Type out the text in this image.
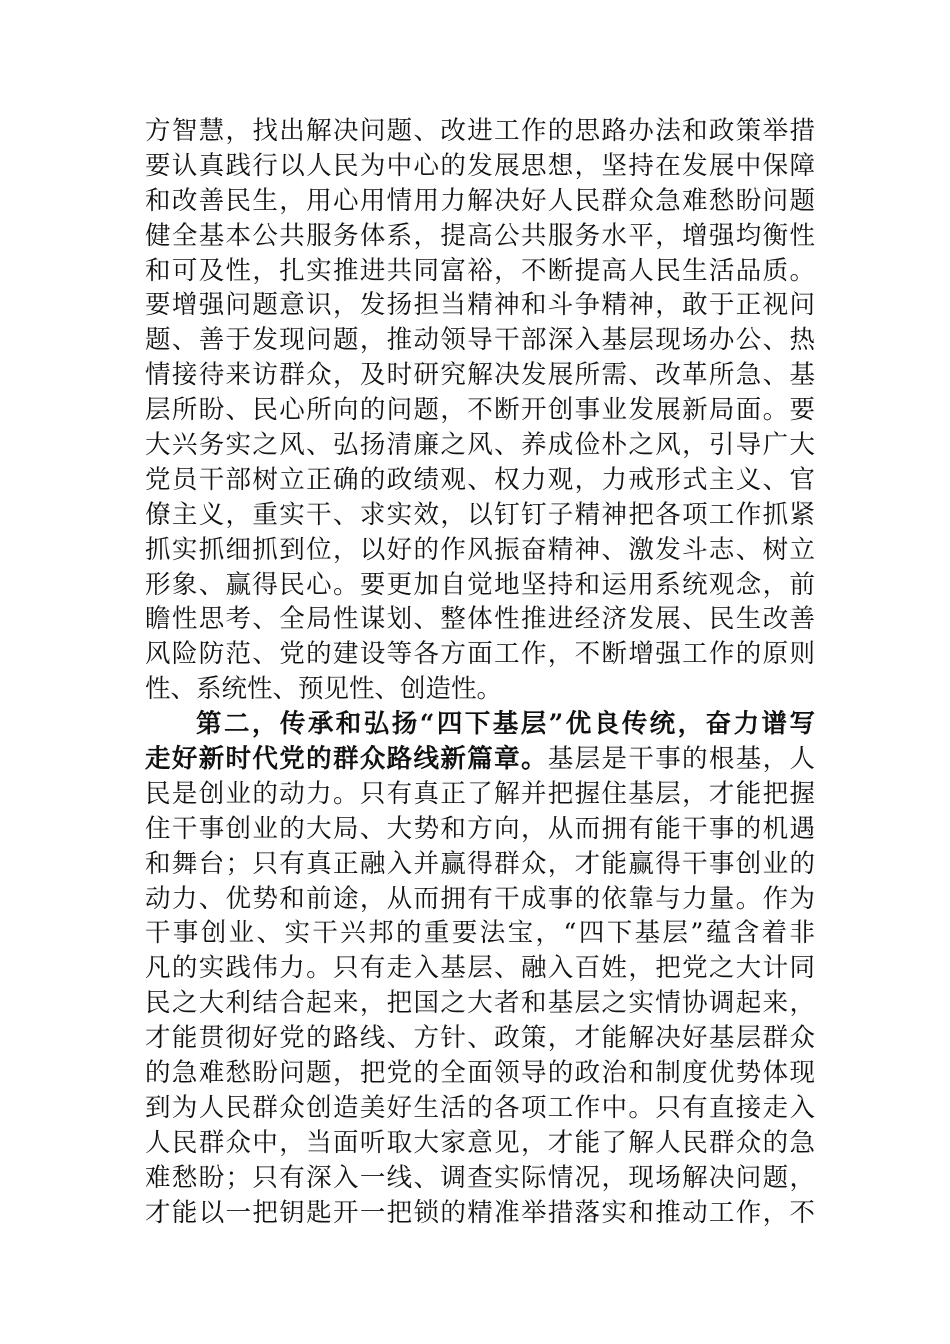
方智慧，找出解决问题、改进工作的思路办法和政策举措
要认真践行以人民为中心的发展思想，坚持在发展中保障
和改善民生，用心用情用力解决好人民群众急难愁盼问题
健全基本公共服务体系，提高公共服务水平，增强均衡性
和可及性，扎实推进共同富裕，不断提高人民生活品质。
要增强问题意识，发扬担当精神和斗争精神，敢于正视问
题、善于发现问题，推动领导干部深入基层现场办公、热
情接待来访群众，及时研究解决发展所需、改革所急、基
层所盼、民心所向的问题，不断开创事业发展新局面。要
大兴务实之风、弘扬清廉之风、养成俭朴之风，引导广大
党员干部树立正确的政绩观、权力观，力戒形式主义、官
僚主义，重实干、求实效，以钉钉子精神把各项工作抓紧
抓实抓细抓到位，以好的作风振奋精神、激发斗志、树立
形象、赢得民心。要更加自觉地坚持和运用系统观念，前
瞻性思考、全局性谋划、整体性推进经济发展、民生改善
风险防范、党的建设等各方面工作，不断增强工作的原则
性、系统性、预见性、创造性。
第二，传承和弘扬“四下基层”优良传统，奋力谱写
走好新时代党的群众路线新篇章。基层是干事的根基，人
民是创业的动力。只有真正了解并把握住基层，才能把握
住干事创业的大局、大势和方向，从而拥有能干事的机遇
和舞台；只有真正融入并赢得群众，才能赢得干事创业的
动力、优势和前途，从而拥有干成事的依靠与力量。作为
干事创业、实干兴邦的重要法宝，“四下基层”蕴含着非
凡的实践伟力。只有走入基层、融入百姓，把党之大计同
民之大利结合起来，把国之大者和基层之实情协调起来，
才能贯彻好党的路线、方针、政策，才能解决好基层群众
的急难愁盼问题，把党的全面领导的政治和制度优势体现
到为人民群众创造美好生活的各项工作中。只有直接走入
人民群众中，当面听取大家意见，才能了解人民群众的急
难愁盼；只有深入一线、调查实际情况，现场解决问题，
才能以一把钥匙开一把锁的精准举措落实和推动工作，不
